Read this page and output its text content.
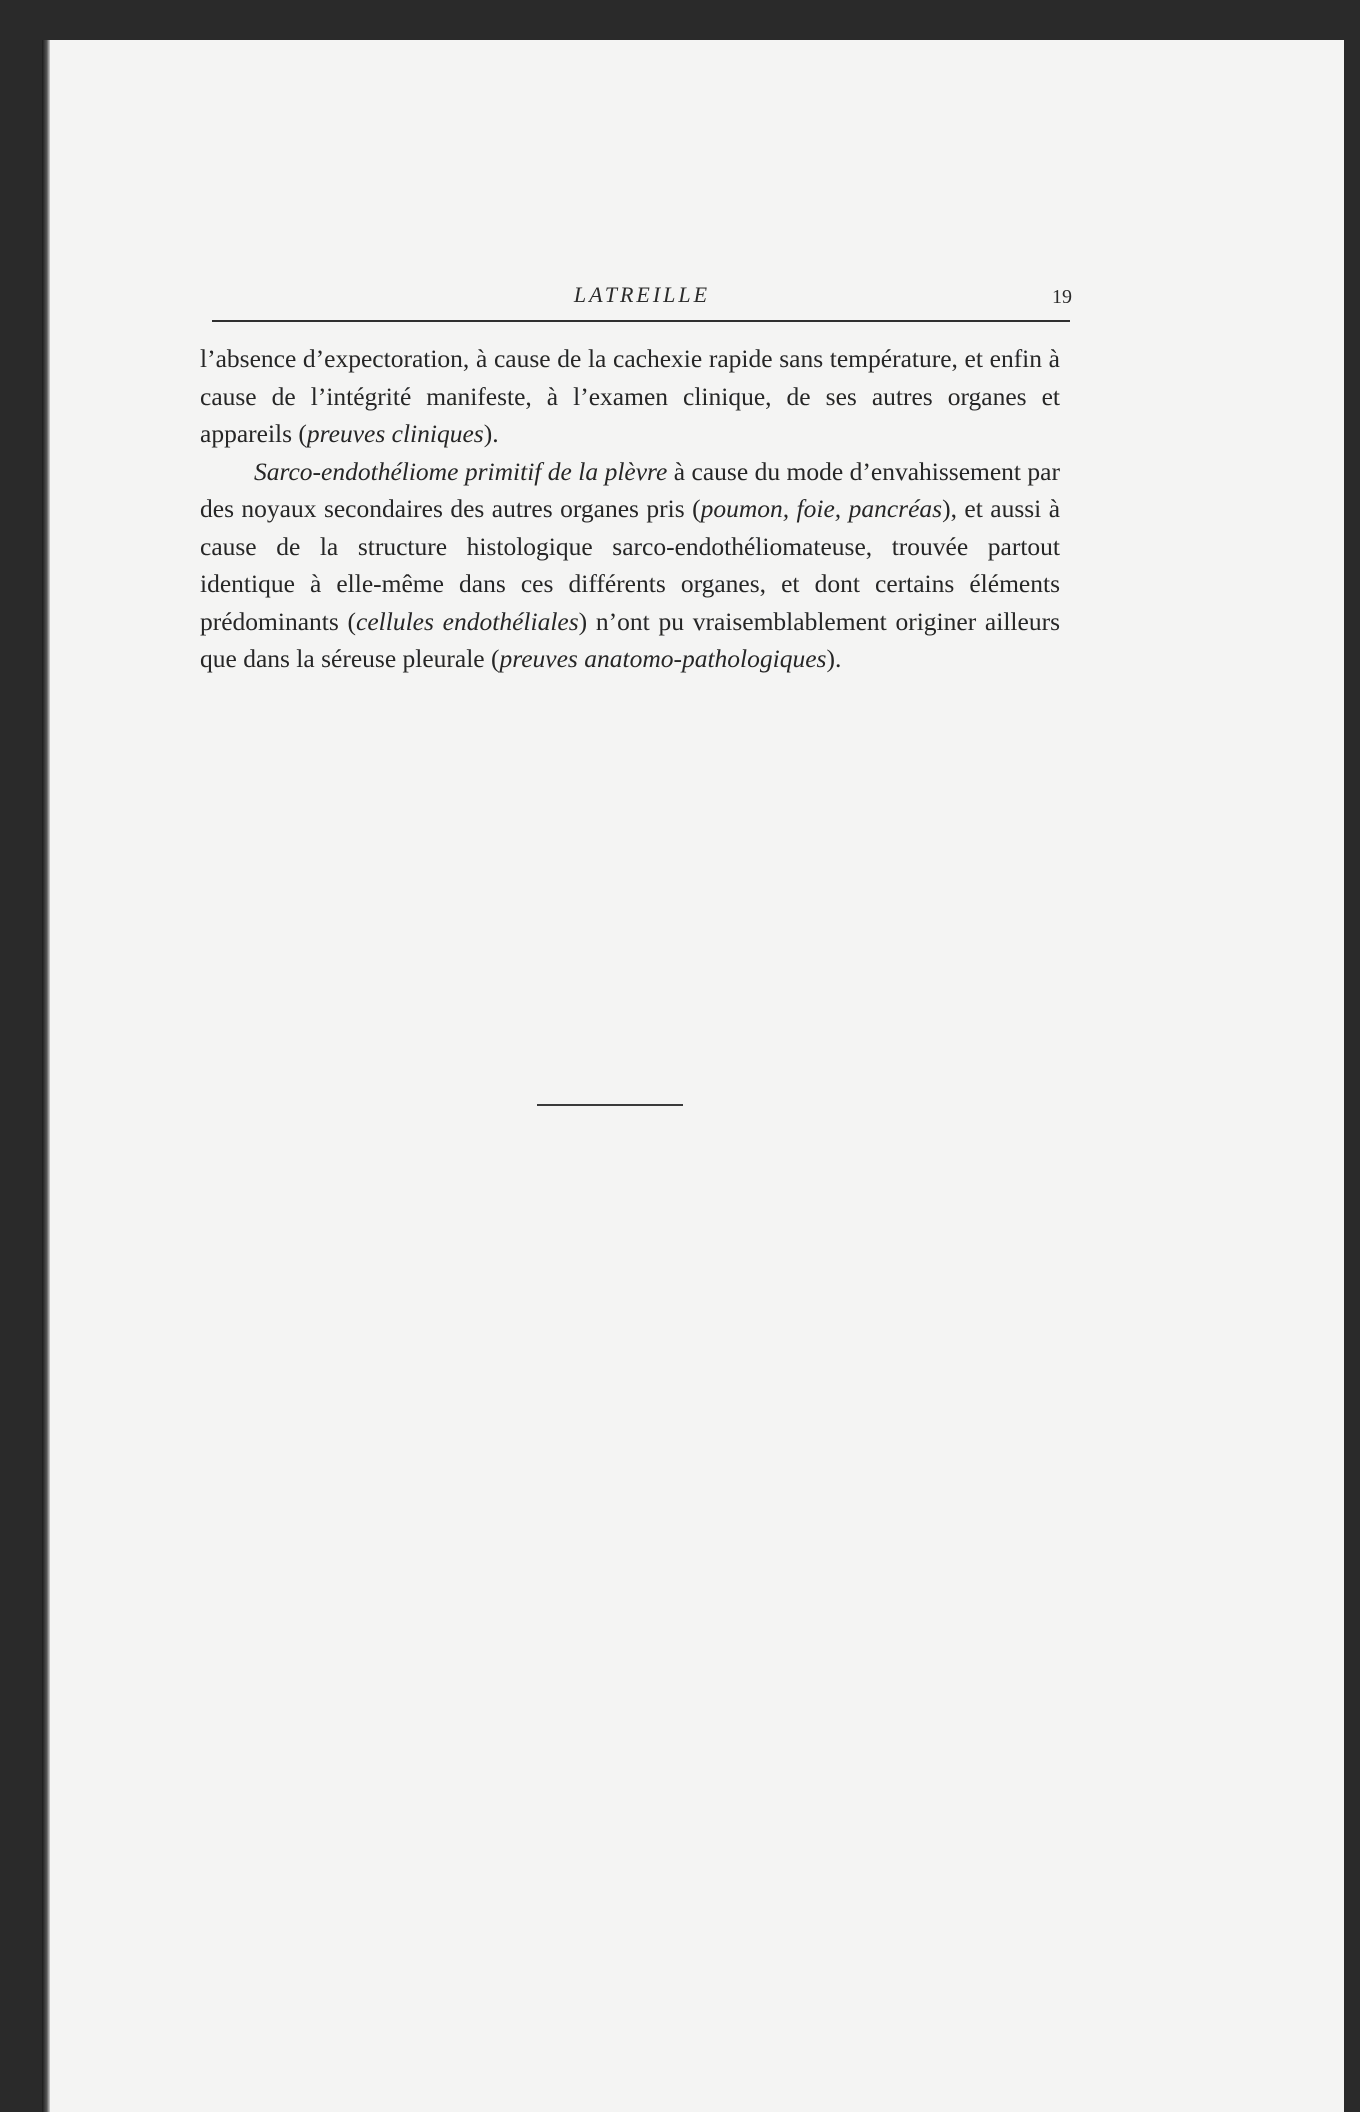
LATREILLE	19

l’absence d’expectoration, à cause de la cachexie rapide sans température, et enfin à cause de l’intégrité manifeste, à l’examen clinique, de ses autres organes et appareils (preuves cliniques).

Sarco-endothéliome primitif de la plèvre à cause du mode d’envahissement par des noyaux secondaires des autres organes pris (poumon, foie, pancréas), et aussi à cause de la structure histologique sarco-endothéliomateuse, trouvée partout identique à elle-même dans ces différents organes, et dont certains éléments prédominants (cellules endothéliales) n’ont pu vraisemblablement originer ailleurs que dans la séreuse pleurale (preuves anatomo-pathologiques).
